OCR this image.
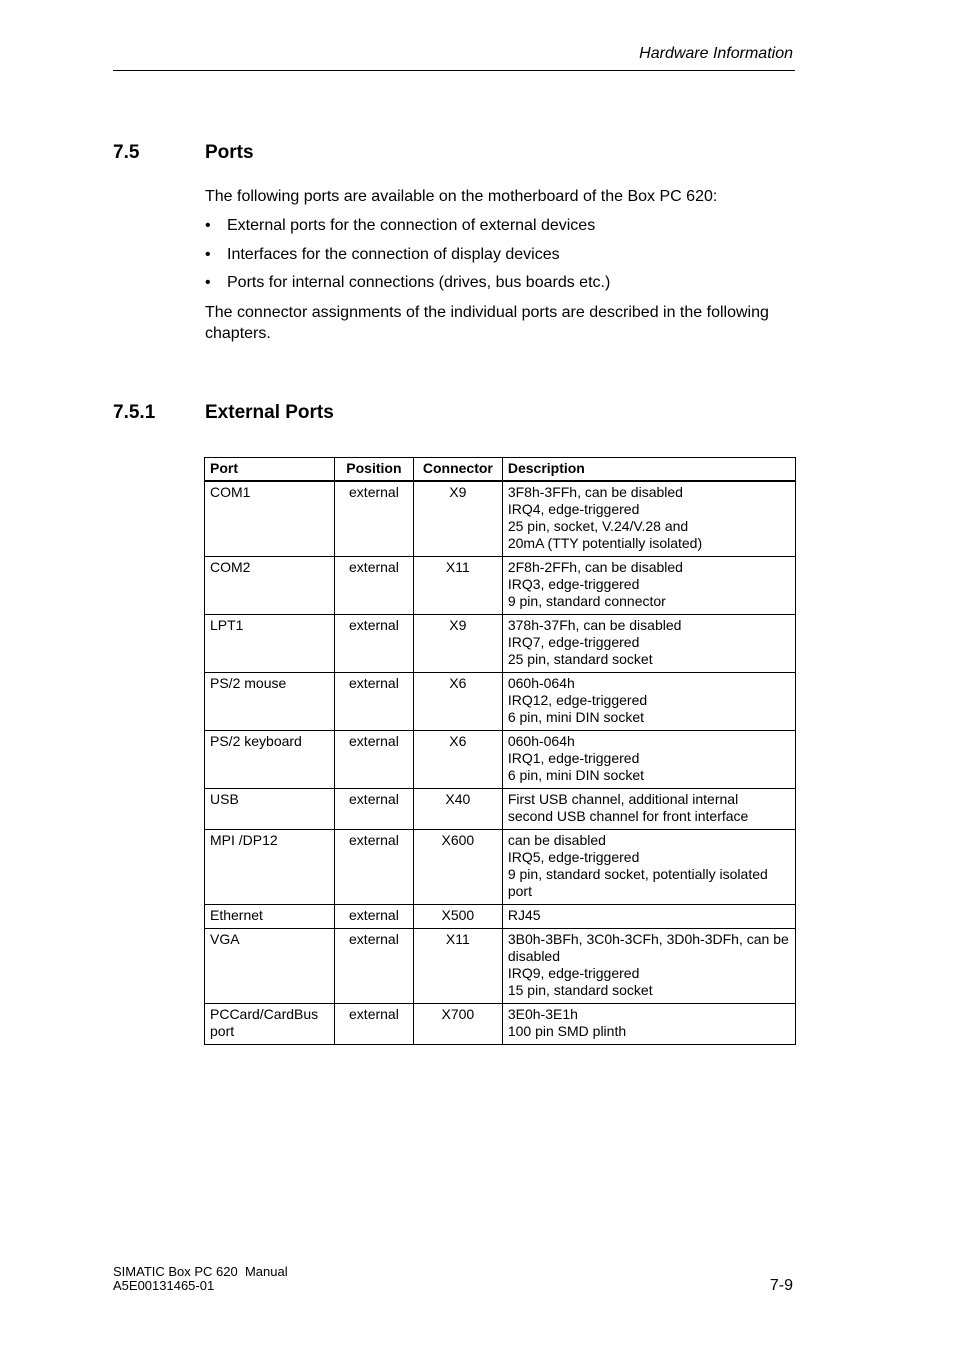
Hardware Information
7.5	Ports
The following ports are available on the motherboard of the Box PC 620:
• External ports for the connection of external devices
• Interfaces for the connection of display devices
• Ports for internal connections (drives, bus boards etc.)
The connector assignments of the individual ports are described in the following chapters.
7.5.1	External Ports
Port	Position	Connector	Description
COM1	external	X9	3F8h-3FFh, can be disabled
IRQ4, edge-triggered
25 pin, socket, V.24/V.28 and
20mA (TTY potentially isolated)

COM2	external	X11	2F8h-2FFh, can be disabled
IRQ3, edge-triggered
9 pin, standard connector

LPT1	external	X9	378h-37Fh, can be disabled
IRQ7, edge-triggered
25 pin, standard socket

PS/2 mouse	external	X6	060h-064h
IRQ12, edge-triggered
6 pin, mini DIN socket

PS/2 keyboard	external	X6	060h-064h
IRQ1, edge-triggered
6 pin, mini DIN socket

USB	external	X40	First USB channel, additional internal
second USB channel for front interface

MPI /DP12	external	X600	can be disabled
IRQ5, edge-triggered
9 pin, standard socket, potentially isolated port

Ethernet	external	X500	RJ45

VGA	external	X11	3B0h-3BFh, 3C0h-3CFh, 3D0h-3DFh, can be disabled
IRQ9, edge-triggered
15 pin, standard socket

PCCard/CardBus port	external	X700	3E0h-3E1h
100 pin SMD plinth
SIMATIC Box PC 620  Manual
A5E00131465-01	7-9
